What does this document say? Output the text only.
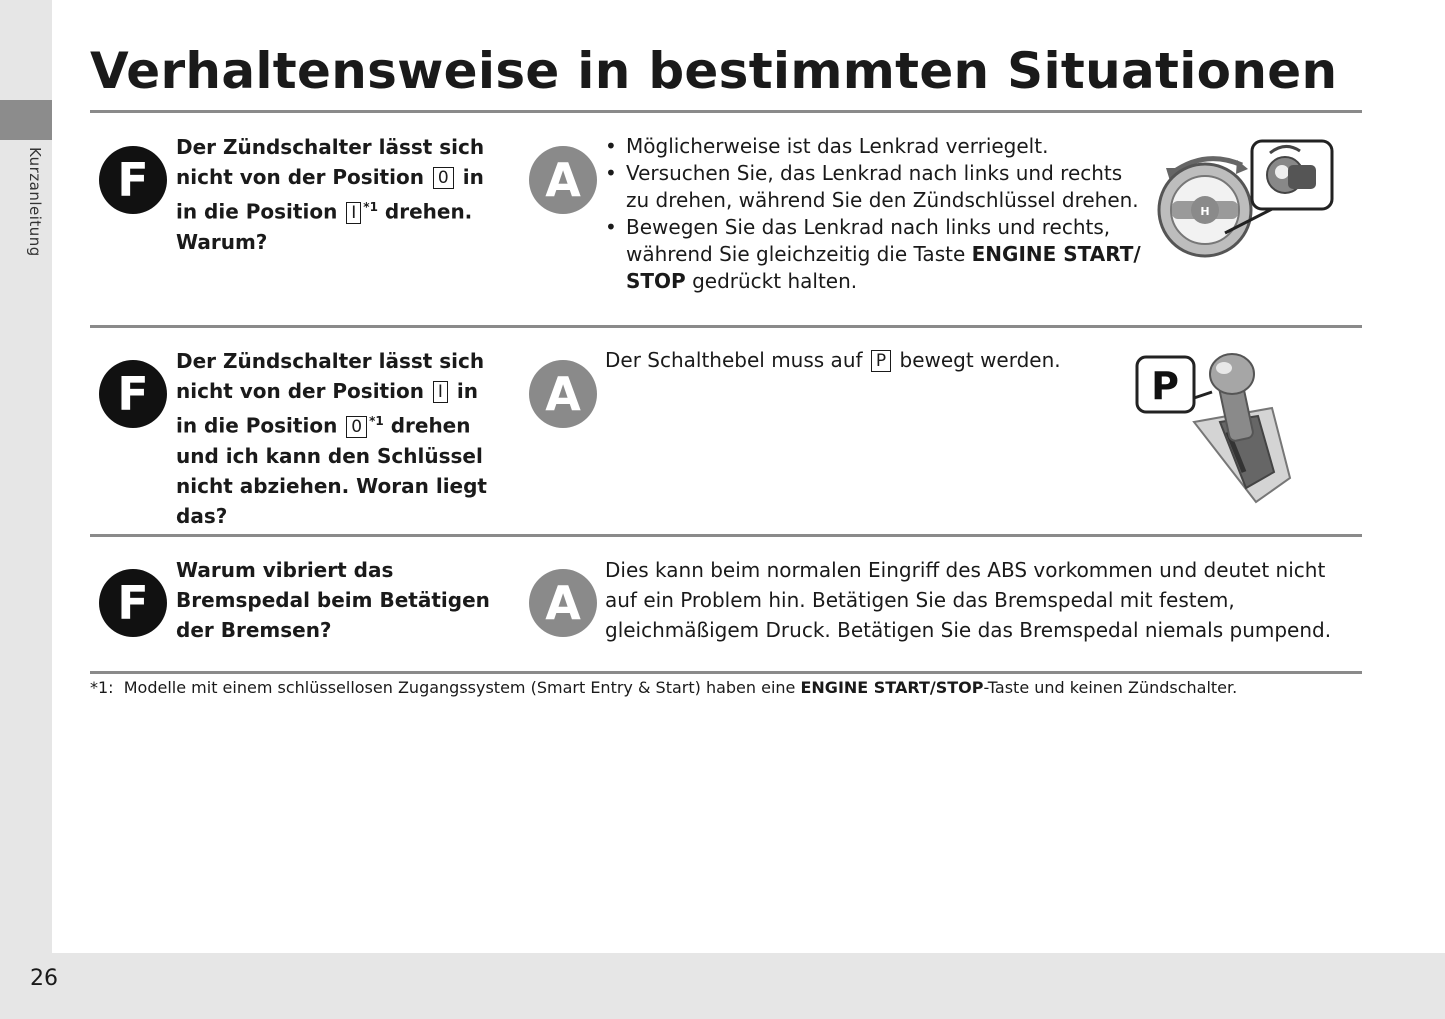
Kurzanleitung
26
Verhaltensweise in bestimmten Situationen
F

Der Zündschalter lässt sich nicht von der Position 0 in in die Position I $^{*1}$ drehen. Warum?

A
• Möglicherweise ist das Lenkrad verriegelt.
• Versuchen Sie, das Lenkrad nach links und rechts zu drehen, während Sie den Zündschlüssel drehen.
• Bewegen Sie das Lenkrad nach links und rechts, während Sie gleichzeitig die Taste ENGINE START/ STOP gedrückt halten.
H
F

Der Zündschalter lässt sich nicht von der Position I in in die Position 0 $^{*1}$ drehen und ich kann den Schlüssel nicht abziehen. Woran liegt das?

A

Der Schalthebel muss auf P bewegt werden.

P
F

Warum vibriert das Bremspedal beim Betätigen der Bremsen?	A

Dies kann beim normalen Eingriff des ABS vorkommen und deutet nicht auf ein Problem hin. Betätigen Sie das Bremspedal mit festem, gleichmäßigem Druck. Betätigen Sie das Bremspedal niemals pumpend.

*1: Modelle mit einem schlüssellosen Zugangssystem (Smart Entry & Start) haben eine ENGINE START/STOP-Taste und keinen Zündschalter.
